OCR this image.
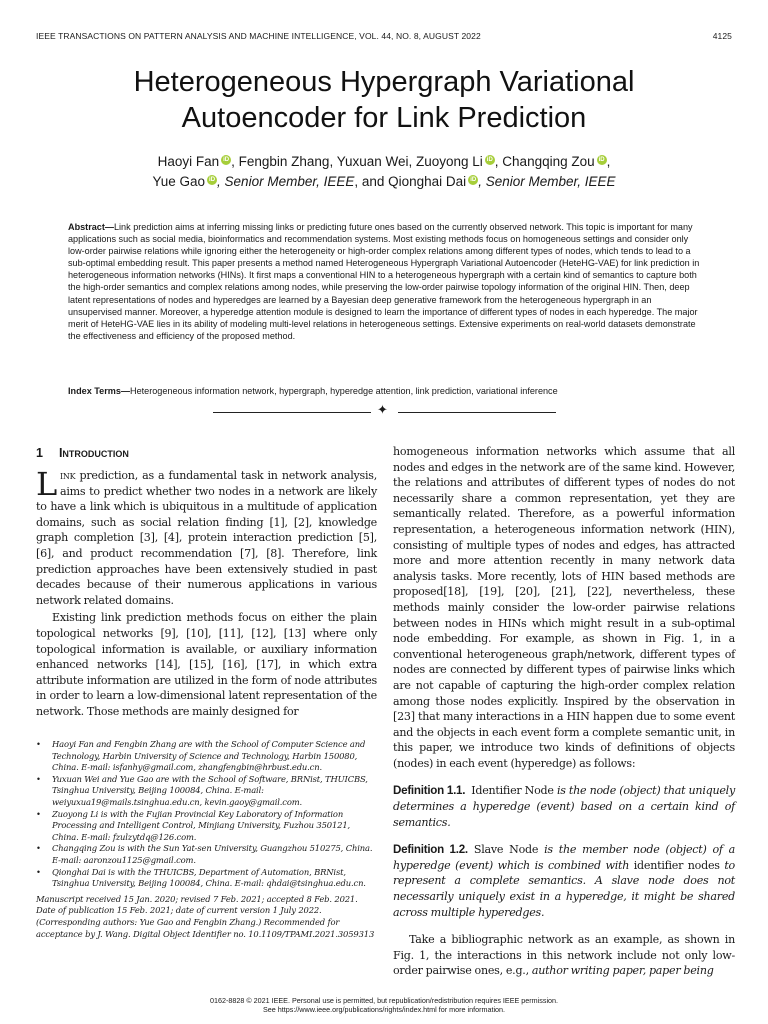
IEEE TRANSACTIONS ON PATTERN ANALYSIS AND MACHINE INTELLIGENCE, VOL. 44, NO. 8, AUGUST 2022	4125
Heterogeneous Hypergraph Variational
Autoencoder for Link Prediction
Haoyi Fan iD , Fengbin Zhang, Yuxuan Wei, Zuoyong Li iD , Changqing Zou iD ,
Yue Gao iD , Senior Member, IEEE, and Qionghai Dai iD , Senior Member, IEEE
Abstract—Link prediction aims at inferring missing links or predicting future ones based on the currently observed network. This topic is important for many applications such as social media, bioinformatics and recommendation systems. Most existing methods focus on homogeneous settings and consider only low-order pairwise relations while ignoring either the heterogeneity or high-order complex relations among different types of nodes, which tends to lead to a sub-optimal embedding result. This paper presents a method named Heterogeneous Hypergraph Variational Autoencoder (HeteHG-VAE) for link prediction in heterogeneous information networks (HINs). It first maps a conventional HIN to a heterogeneous hypergraph with a certain kind of semantics to capture both the high-order semantics and complex relations among nodes, while preserving the low-order pairwise topology information of the original HIN. Then, deep latent representations of nodes and hyperedges are learned by a Bayesian deep generative framework from the heterogeneous hypergraph in an unsupervised manner. Moreover, a hyperedge attention module is designed to learn the importance of different types of nodes in each hyperedge. The major merit of HeteHG-VAE lies in its ability of modeling multi-level relations in heterogeneous settings. Extensive experiments on real-world datasets demonstrate the effectiveness and efficiency of the proposed method.
Index Terms—Heterogeneous information network, hypergraph, hyperedge attention, link prediction, variational inference
✦
1 Introduction

Link prediction, as a fundamental task in network analysis, aims to predict whether two nodes in a network are likely to have a link which is ubiquitous in a multitude of application domains, such as social relation finding [1], [2], knowledge graph completion [3], [4], protein interaction prediction [5], [6], and product recommendation [7], [8]. Therefore, link prediction approaches have been extensively studied in past decades because of their numerous applications in various network related domains.

Existing link prediction methods focus on either the plain topological networks [9], [10], [11], [12], [13] where only topological information is available, or auxiliary information enhanced networks [14], [15], [16], [17], in which extra attribute information are utilized in the form of node attributes in order to learn a low-dimensional latent representation of the network. Those methods are mainly designed for

• Haoyi Fan and Fengbin Zhang are with the School of Computer Science and Technology, Harbin University of Science and Technology, Harbin 150080, China. E-mail: isfanhy@gmail.com, zhangfengbin@hrbust.edu.cn.
• Yuxuan Wei and Yue Gao are with the School of Software, BRNist, THUICBS, Tsinghua University, Beijing 100084, China. E-mail: weiyuxua19@mails.tsinghua.edu.cn, kevin.gaoy@gmail.com.
• Zuoyong Li is with the Fujian Provincial Key Laboratory of Information Processing and Intelligent Control, Minjiang University, Fuzhou 350121, China. E-mail: fzulzytdq@126.com.
• Changqing Zou is with the Sun Yat-sen University, Guangzhou 510275, China. E-mail: aaronzou1125@gmail.com.
• Qionghai Dai is with the THUICBS, Department of Automation, BRNist, Tsinghua University, Beijing 100084, China. E-mail: qhdai@tsinghua.edu.cn.
Manuscript received 15 Jan. 2020; revised 7 Feb. 2021; accepted 8 Feb. 2021. Date of publication 15 Feb. 2021; date of current version 1 July 2022. (Corresponding authors: Yue Gao and Fengbin Zhang.) Recommended for acceptance by J. Wang. Digital Object Identifier no. 10.1109/TPAMI.2021.3059313

homogeneous information networks which assume that all nodes and edges in the network are of the same kind. However, the relations and attributes of different types of nodes do not necessarily share a common representation, yet they are semantically related. Therefore, as a powerful information representation, a heterogeneous information network (HIN), consisting of multiple types of nodes and edges, has attracted more and more attention recently in many network data analysis tasks. More recently, lots of HIN based methods are proposed[18], [19], [20], [21], [22], nevertheless, these methods mainly consider the low-order pairwise relations between nodes in HINs which might result in a sub-optimal node embedding. For example, as shown in Fig. 1, in a conventional heterogeneous graph/network, different types of nodes are connected by different types of pairwise links which are not capable of capturing the high-order complex relation among those nodes explicitly. Inspired by the observation in [23] that many interactions in a HIN happen due to some event and the objects in each event form a complete semantic unit, in this paper, we introduce two kinds of definitions of objects (nodes) in each event (hyperedge) as follows:

Definition 1.1. Identifier Node is the node (object) that uniquely determines a hyperedge (event) based on a certain kind of semantics.

Definition 1.2. Slave Node is the member node (object) of a hyperedge (event) which is combined with identifier nodes to represent a complete semantics. A slave node does not necessarily uniquely exist in a hyperedge, it might be shared across multiple hyperedges.

Take a bibliographic network as an example, as shown in Fig. 1, the interactions in this network include not only low-order pairwise ones, e.g., author writing paper, paper being

0162-8828 © 2021 IEEE. Personal use is permitted, but republication/redistribution requires IEEE permission.
See https://www.ieee.org/publications/rights/index.html for more information.
